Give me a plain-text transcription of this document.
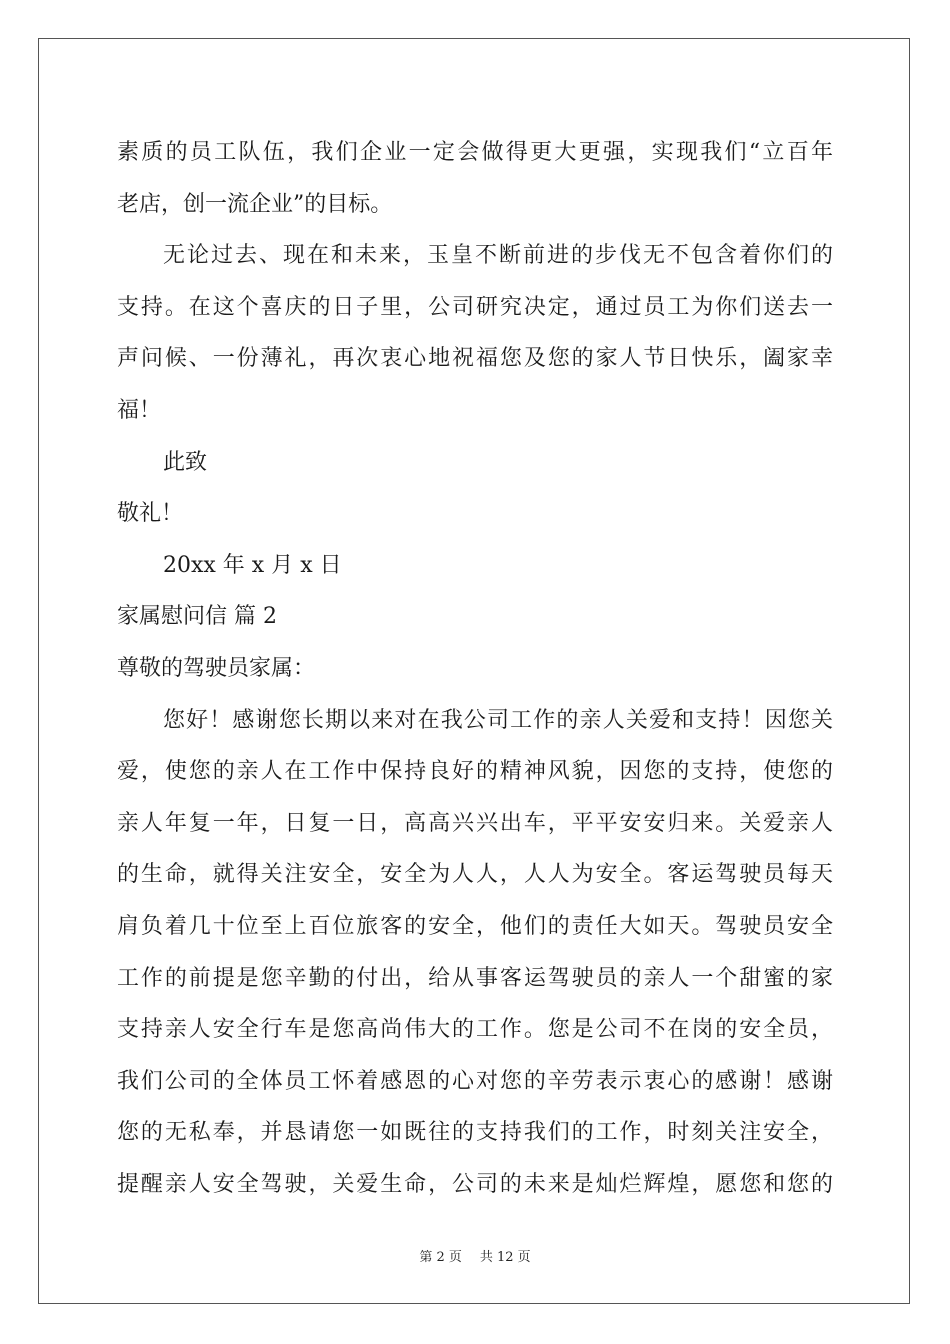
素质的员工队伍，我们企业一定会做得更大更强，实现我们“立百年
老店，创一流企业”的目标。
无论过去、现在和未来，玉皇不断前进的步伐无不包含着你们的
支持。在这个喜庆的日子里，公司研究决定，通过员工为你们送去一
声问候、一份薄礼，再次衷心地祝福您及您的家人节日快乐，阖家幸
福！
此致
敬礼！
20xx 年 x 月 x 日
家属慰问信 篇 2
尊敬的驾驶员家属：
您好！感谢您长期以来对在我公司工作的亲人关爱和支持！因您关
爱，使您的亲人在工作中保持良好的精神风貌，因您的支持，使您的
亲人年复一年，日复一日，高高兴兴出车，平平安安归来。关爱亲人
的生命，就得关注安全，安全为人人，人人为安全。客运驾驶员每天
肩负着几十位至上百位旅客的安全，他们的责任大如天。驾驶员安全
工作的前提是您辛勤的付出，给从事客运驾驶员的亲人一个甜蜜的家
支持亲人安全行车是您高尚伟大的工作。您是公司不在岗的安全员，
我们公司的全体员工怀着感恩的心对您的辛劳表示衷心的感谢！感谢
您的无私奉，并恳请您一如既往的支持我们的工作，时刻关注安全，
提醒亲人安全驾驶，关爱生命，公司的未来是灿烂辉煌，愿您和您的
第 2 页 共 12 页
